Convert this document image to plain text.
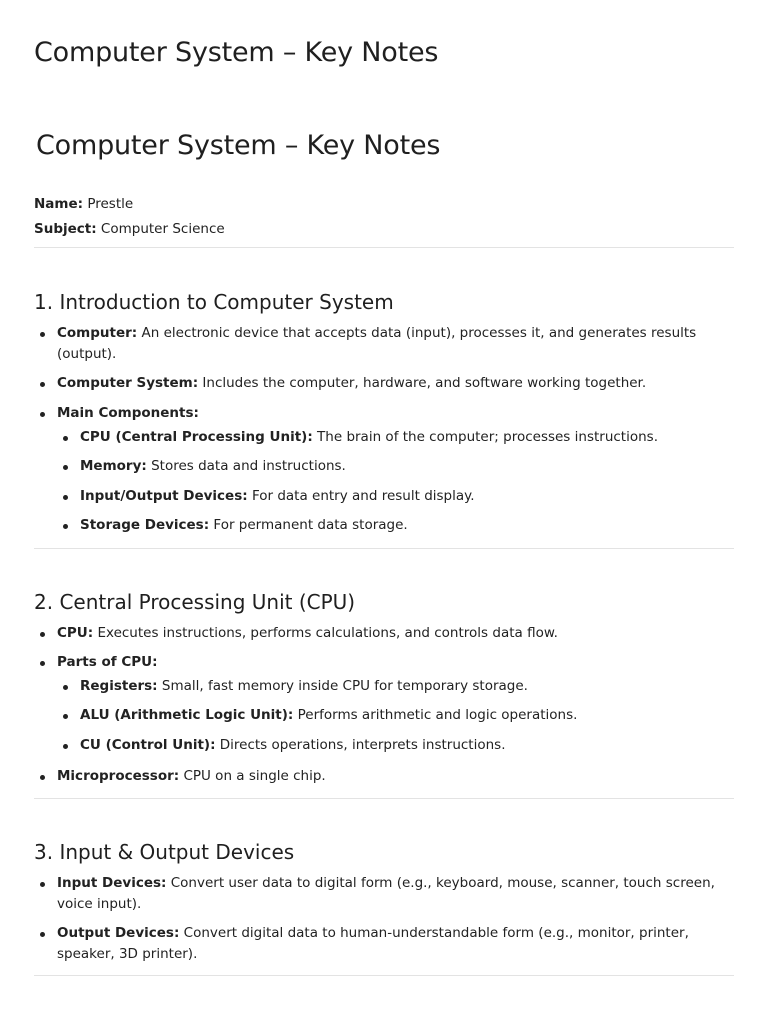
Computer System – Key Notes
Computer System – Key Notes
Name: Prestle
Subject: Computer Science
1. Introduction to Computer System
Computer: An electronic device that accepts data (input), processes it, and generates results (output).
Computer System: Includes the computer, hardware, and software working together.
Main Components:
CPU (Central Processing Unit): The brain of the computer; processes instructions.
Memory: Stores data and instructions.
Input/Output Devices: For data entry and result display.
Storage Devices: For permanent data storage.
2. Central Processing Unit (CPU)
CPU: Executes instructions, performs calculations, and controls data flow.
Parts of CPU:
Registers: Small, fast memory inside CPU for temporary storage.
ALU (Arithmetic Logic Unit): Performs arithmetic and logic operations.
CU (Control Unit): Directs operations, interprets instructions.
Microprocessor: CPU on a single chip.
3. Input & Output Devices
Input Devices: Convert user data to digital form (e.g., keyboard, mouse, scanner, touch screen, voice input).
Output Devices: Convert digital data to human-understandable form (e.g., monitor, printer, speaker, 3D printer).
